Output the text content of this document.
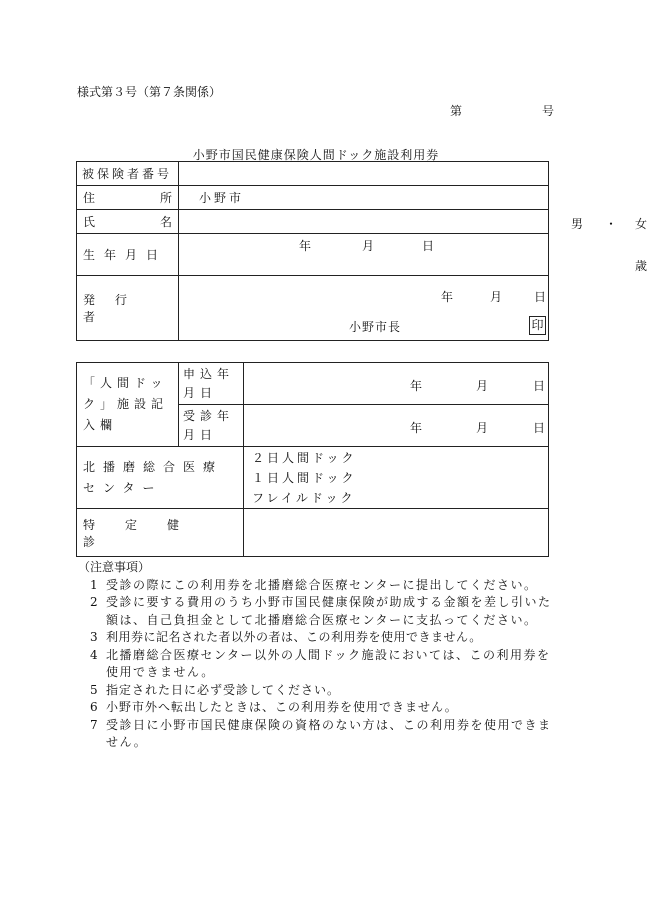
様式第３号（第７条関係）
第	号
小野市国民健康保険人間ドック施設利用券
被保険者番号	
住 所	小野市
氏 名	男 ・ 女

生年月日	年 月 日
歳

発行者	年 月 日
小野市長 印
「人間ドック」施設記入欄	申込年月日	年 月 日

	受診年月日	年 月 日

北播磨総合医療センター		２日人間ドック
１日人間ドック
フレイルドック

特定健診		
（注意事項）
1 受診の際にこの利用券を北播磨総合医療センターに提出してください。
2 受診に要する費用のうち小野市国民健康保険が助成する金額を差し引いた額は、自己負担金として北播磨総合医療センターに支払ってください。
3 利用券に記名された者以外の者は、この利用券を使用できません。
4 北播磨総合医療センター以外の人間ドック施設においては、この利用券を使用できません。
5 指定された日に必ず受診してください。
6 小野市外へ転出したときは、この利用券を使用できません。
7 受診日に小野市国民健康保険の資格のない方は、この利用券を使用できません。
